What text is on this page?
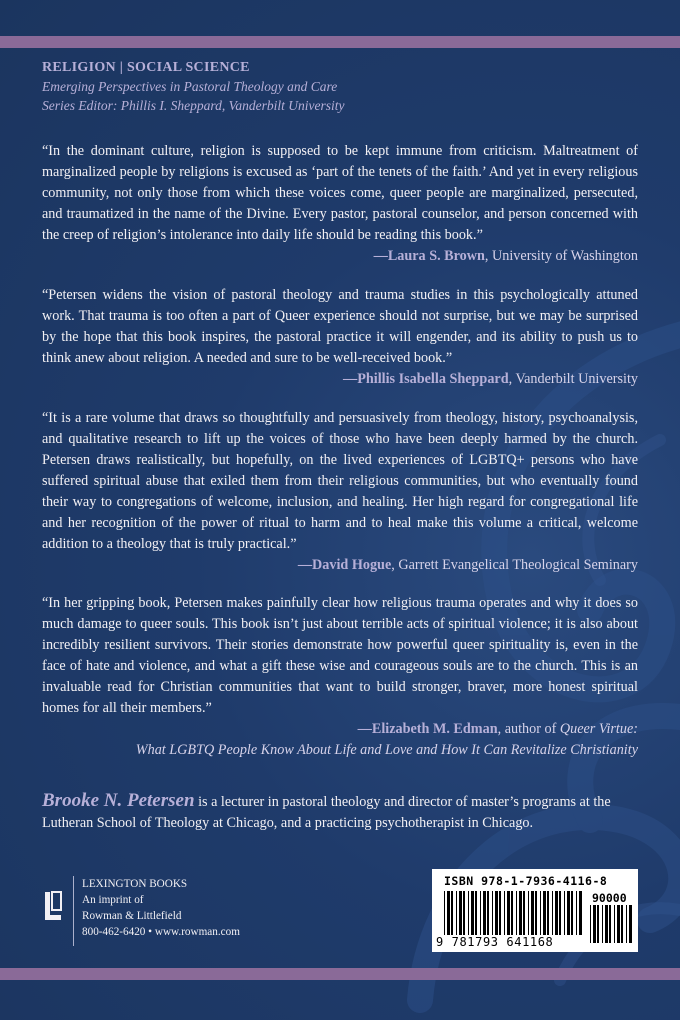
RELIGION | SOCIAL SCIENCE
Emerging Perspectives in Pastoral Theology and Care
Series Editor: Phillis I. Sheppard, Vanderbilt University

“In the dominant culture, religion is supposed to be kept immune from criticism. Maltreatment of marginalized people by religions is excused as ‘part of the tenets of the faith.’ And yet in every religious community, not only those from which these voices come, queer people are marginalized, persecuted, and traumatized in the name of the Divine. Every pastor, pastoral counselor, and person concerned with the creep of religion’s intolerance into daily life should be reading this book.”

—Laura S. Brown, University of Washington

“Petersen widens the vision of pastoral theology and trauma studies in this psychologically attuned work. That trauma is too often a part of Queer experience should not surprise, but we may be surprised by the hope that this book inspires, the pastoral practice it will engender, and its ability to push us to think anew about religion. A needed and sure to be well-received book.”

—Phillis Isabella Sheppard, Vanderbilt University

“It is a rare volume that draws so thoughtfully and persuasively from theology, history, psychoanalysis, and qualitative research to lift up the voices of those who have been deeply harmed by the church. Petersen draws realistically, but hopefully, on the lived experiences of LGBTQ+ persons who have suffered spiritual abuse that exiled them from their religious communities, but who eventually found their way to congregations of welcome, inclusion, and healing. Her high regard for congregational life and her recognition of the power of ritual to harm and to heal make this volume a critical, welcome addition to a theology that is truly practical.”

—David Hogue, Garrett Evangelical Theological Seminary

“In her gripping book, Petersen makes painfully clear how religious trauma operates and why it does so much damage to queer souls. This book isn’t just about terrible acts of spiritual violence; it is also about incredibly resilient survivors. Their stories demonstrate how powerful queer spirituality is, even in the face of hate and violence, and what a gift these wise and courageous souls are to the church. This is an invaluable read for Christian communities that want to build stronger, braver, more honest spiritual homes for all their members.”

—Elizabeth M. Edman, author of Queer Virtue:

What LGBTQ People Know About Life and Love and How It Can Revitalize Christianity

Brooke N. Petersen is a lecturer in pastoral theology and director of master’s programs at the Lutheran School of Theology at Chicago, and a practicing psychotherapist in Chicago.
LEXINGTON BOOKS
An imprint of
Rowman & Littlefield
800-462-6420 • www.rowman.com
ISBN 978-1-7936-4116-8
9 781793 641168
90000
